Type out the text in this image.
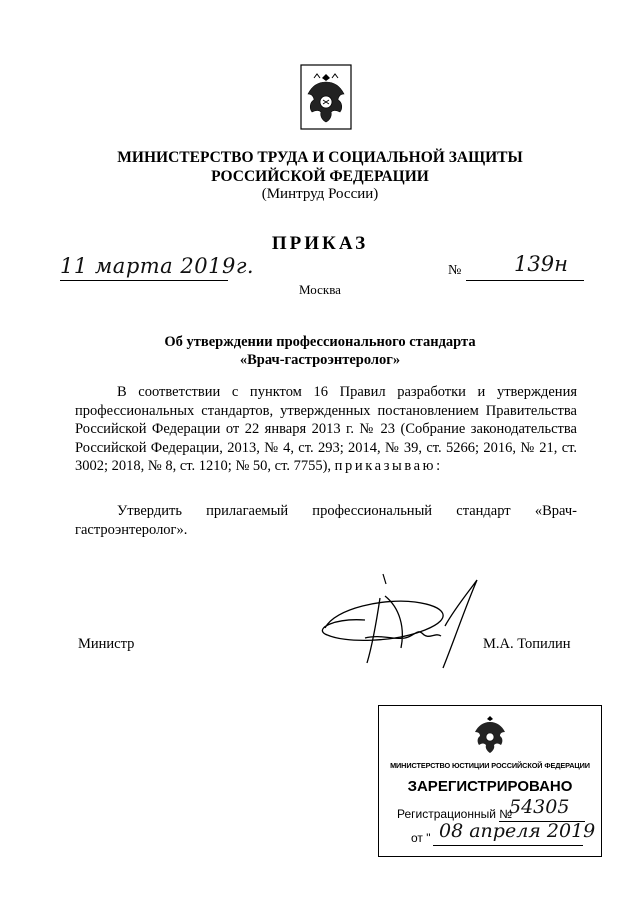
МИНИСТЕРСТВО ТРУДА И СОЦИАЛЬНОЙ ЗАЩИТЫ
РОССИЙСКОЙ ФЕДЕРАЦИИ
(Минтруд России)
ПРИКАЗ
11 марта 2019г.	№	139н
Москва
Об утверждении профессионального стандарта
«Врач-гастроэнтеролог»
В соответствии с пунктом 16 Правил разработки и утверждения профессиональных стандартов, утвержденных постановлением Правительства Российской Федерации от 22 января 2013 г. № 23 (Собрание законодательства Российской Федерации, 2013, № 4, ст. 293; 2014, № 39, ст. 5266; 2016, № 21, ст. 3002; 2018, № 8, ст. 1210; № 50, ст. 7755), приказываю:
Утвердить прилагаемый профессиональный стандарт «Врач-гастроэнтеролог».
Министр	М.А. Топилин
МИНИСТЕРСТВО ЮСТИЦИИ РОССИЙСКОЙ ФЕДЕРАЦИИ
ЗАРЕГИСТРИРОВАНО
Регистрационный №
54305
от " 08 апреля 2019
